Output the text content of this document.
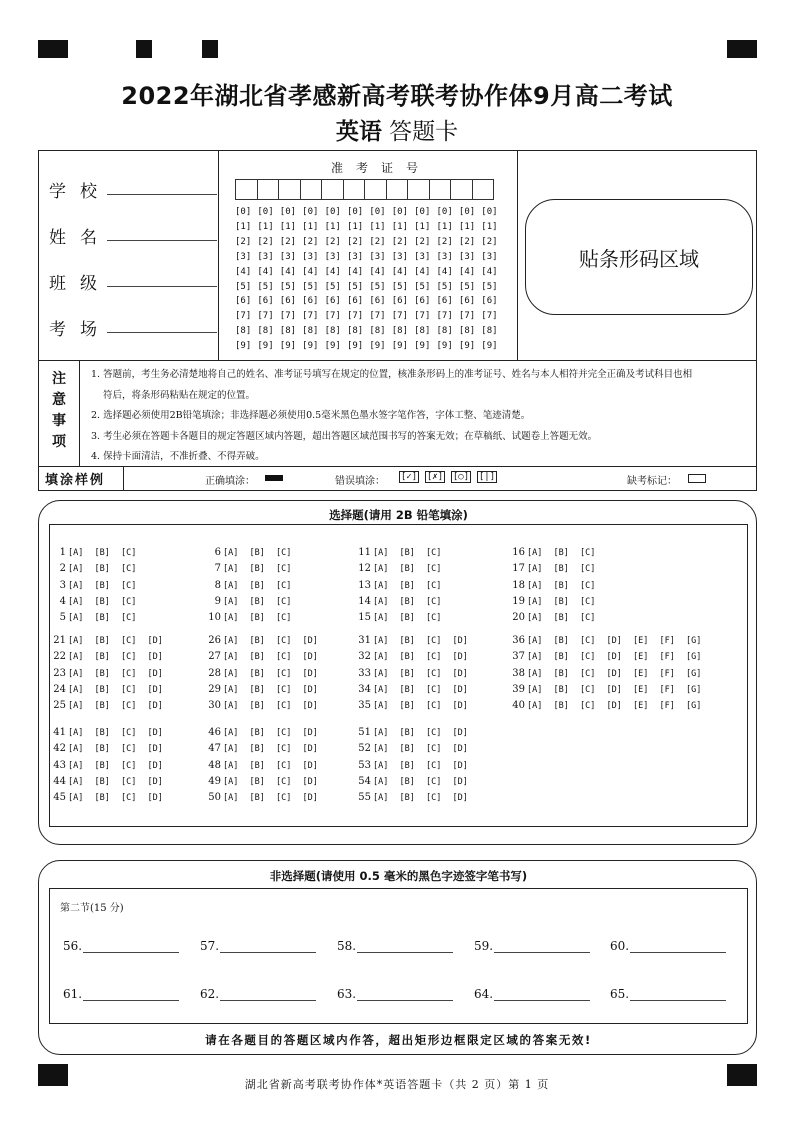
2022年湖北省孝感新高考联考协作体9月高二考试
英语 答题卡
学校
姓名
班级
考场
准考证号
[0] [0] [0] [0] [0] [0] [0] [0] [0] [0] [0] [0]
[1] [1] [1] [1] [1] [1] [1] [1] [1] [1] [1] [1]
[2] [2] [2] [2] [2] [2] [2] [2] [2] [2] [2] [2]
[3] [3] [3] [3] [3] [3] [3] [3] [3] [3] [3] [3]
[4] [4] [4] [4] [4] [4] [4] [4] [4] [4] [4] [4]
[5] [5] [5] [5] [5] [5] [5] [5] [5] [5] [5] [5]
[6] [6] [6] [6] [6] [6] [6] [6] [6] [6] [6] [6]
[7] [7] [7] [7] [7] [7] [7] [7] [7] [7] [7] [7]
[8] [8] [8] [8] [8] [8] [8] [8] [8] [8] [8] [8]
[9] [9] [9] [9] [9] [9] [9] [9] [9] [9] [9] [9]
贴条形码区域
注
意
事
项

1. 答题前，考生务必清楚地将自己的姓名、准考证号填写在规定的位置，核准条形码上的准考证号、姓名与本人相符并完全正确及考试科目也相

符后，将条形码粘贴在规定的位置。

2. 选择题必须使用2B铅笔填涂；非选择题必须使用0.5毫米黑色墨水签字笔作答，字体工整、笔迹清楚。

3. 考生必须在答题卡各题目的规定答题区域内答题，超出答题区域范围书写的答案无效；在草稿纸、试题卷上答题无效。

4. 保持卡面清洁，不准折叠、不得弄破。

填涂样例	正确填涂：	错误填涂： [✓] [✗] [○] [|]	缺考标记：
选择题(请用 2B 铅笔填涂)
1 [A] [B] [C]
2 [A] [B] [C]
3 [A] [B] [C]
4 [A] [B] [C]
5 [A] [B] [C]
6 [A] [B] [C]
7 [A] [B] [C]
8 [A] [B] [C]
9 [A] [B] [C]
10 [A] [B] [C]
11 [A] [B] [C]
12 [A] [B] [C]
13 [A] [B] [C]
14 [A] [B] [C]
15 [A] [B] [C]
16 [A] [B] [C]
17 [A] [B] [C]
18 [A] [B] [C]
19 [A] [B] [C]
20 [A] [B] [C]
21 [A] [B] [C] [D]
22 [A] [B] [C] [D]
23 [A] [B] [C] [D]
24 [A] [B] [C] [D]
25 [A] [B] [C] [D]
26 [A] [B] [C] [D]
27 [A] [B] [C] [D]
28 [A] [B] [C] [D]
29 [A] [B] [C] [D]
30 [A] [B] [C] [D]
31 [A] [B] [C] [D]
32 [A] [B] [C] [D]
33 [A] [B] [C] [D]
34 [A] [B] [C] [D]
35 [A] [B] [C] [D]
36 [A] [B] [C] [D] [E] [F] [G]
37 [A] [B] [C] [D] [E] [F] [G]
38 [A] [B] [C] [D] [E] [F] [G]
39 [A] [B] [C] [D] [E] [F] [G]
40 [A] [B] [C] [D] [E] [F] [G]
41 [A] [B] [C] [D]
42 [A] [B] [C] [D]
43 [A] [B] [C] [D]
44 [A] [B] [C] [D]
45 [A] [B] [C] [D]
46 [A] [B] [C] [D]
47 [A] [B] [C] [D]
48 [A] [B] [C] [D]
49 [A] [B] [C] [D]
50 [A] [B] [C] [D]
51 [A] [B] [C] [D]
52 [A] [B] [C] [D]
53 [A] [B] [C] [D]
54 [A] [B] [C] [D]
55 [A] [B] [C] [D]
非选择题(请使用 0.5 毫米的黑色字迹签字笔书写)
第二节(15 分)
56.	57.	58.	59.	60.
61.	62.	63.	64.	65.
请在各题目的答题区域内作答，超出矩形边框限定区域的答案无效!
湖北省新高考联考协作体*英语答题卡（共 2 页）第 1 页
